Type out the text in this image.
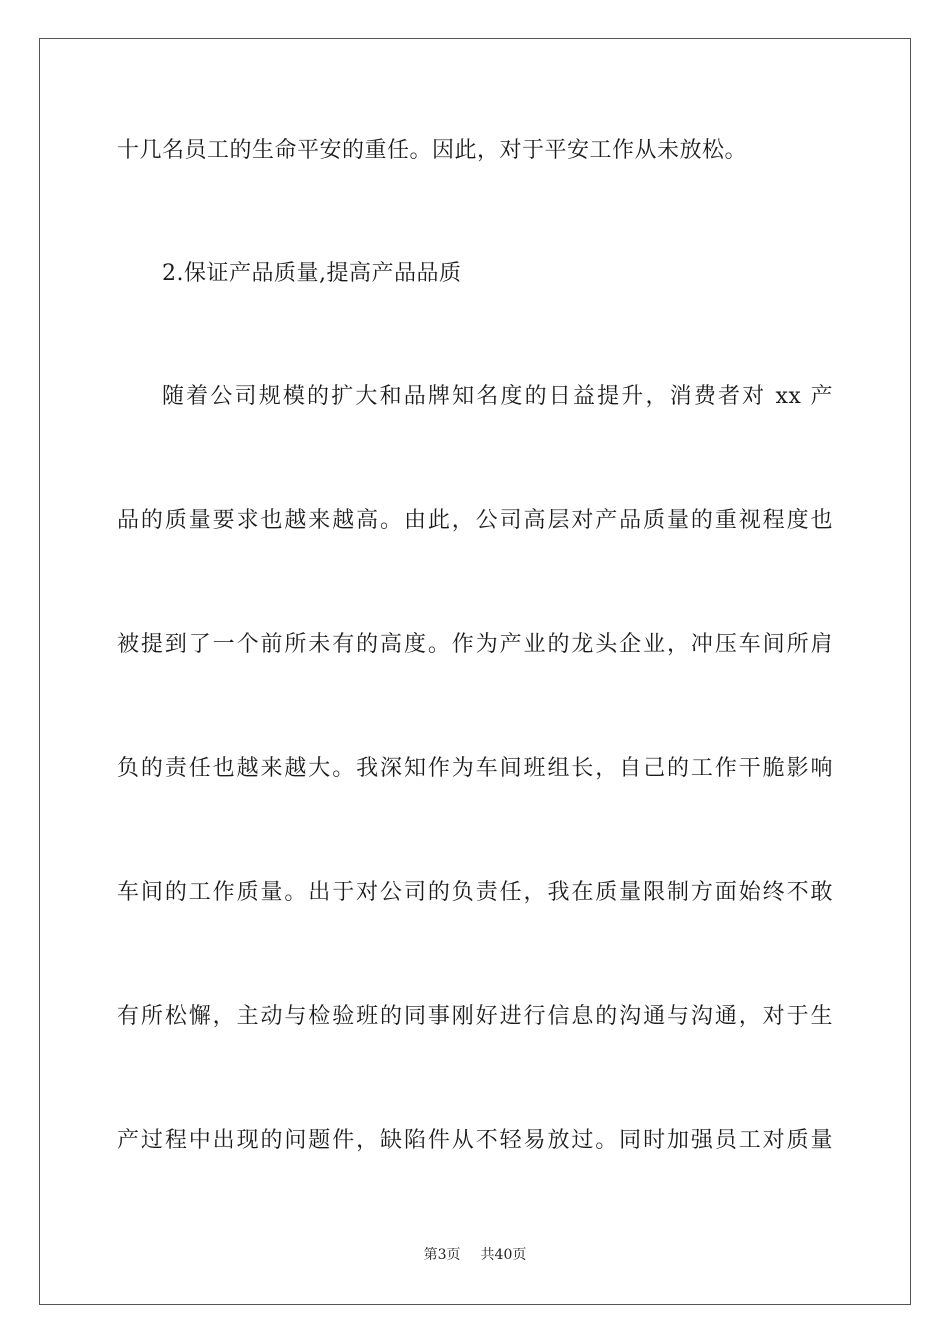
十几名员工的生命平安的重任。因此，对于平安工作从未放松。
2.保证产品质量,提高产品品质
随着公司规模的扩大和品牌知名度的日益提升，消费者对 xx 产
品的质量要求也越来越高。由此，公司高层对产品质量的重视程度也
被提到了一个前所未有的高度。作为产业的龙头企业，冲压车间所肩
负的责任也越来越大。我深知作为车间班组长，自己的工作干脆影响
车间的工作质量。出于对公司的负责任，我在质量限制方面始终不敢
有所松懈，主动与检验班的同事刚好进行信息的沟通与沟通，对于生
产过程中出现的问题件，缺陷件从不轻易放过。同时加强员工对质量
第3页 共40页
